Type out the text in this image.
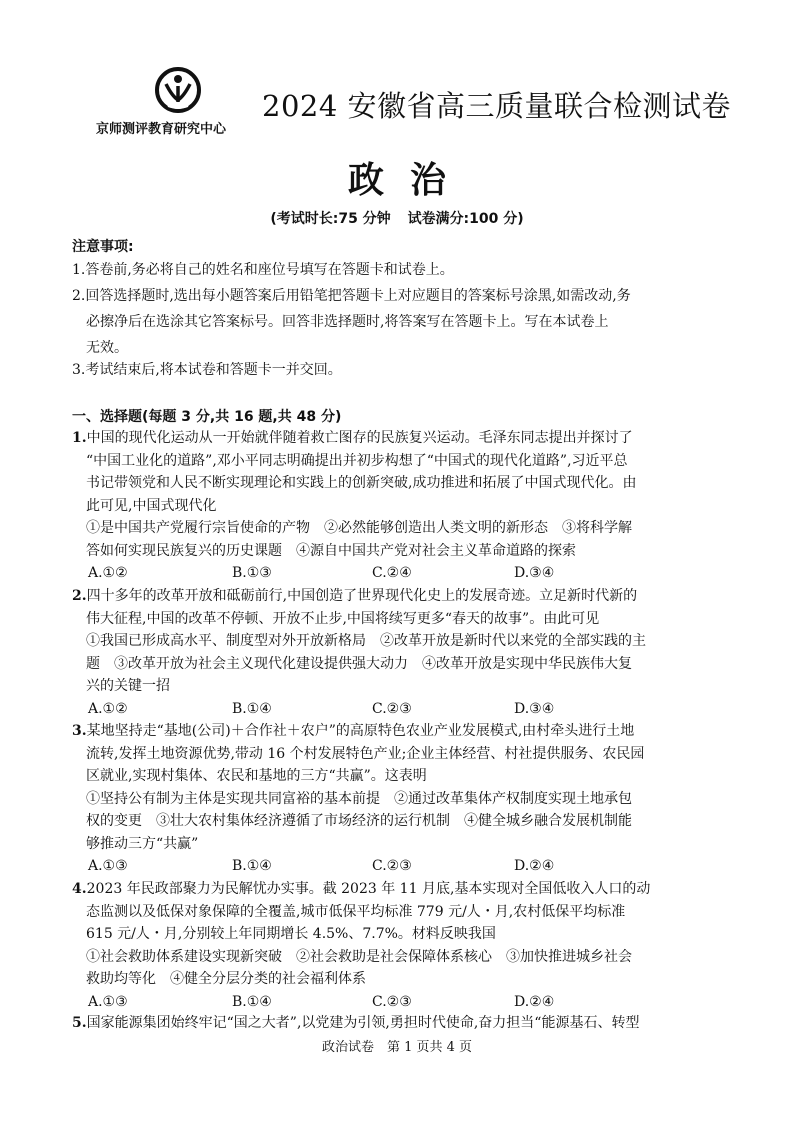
京师测评教育研究中心
2024 安徽省高三质量联合检测试卷
政治
(考试时长:75 分钟 试卷满分:100 分)
注意事项:
1.答卷前,务必将自己的姓名和座位号填写在答题卡和试卷上。
2.回答选择题时,选出每小题答案后用铅笔把答题卡上对应题目的答案标号涂黑,如需改动,务
必擦净后在选涂其它答案标号。回答非选择题时,将答案写在答题卡上。写在本试卷上
无效。
3.考试结束后,将本试卷和答题卡一并交回。
一、选择题(每题 3 分,共 16 题,共 48 分)
1.中国的现代化运动从一开始就伴随着救亡图存的民族复兴运动。毛泽东同志提出并探讨了
“中国工业化的道路”,邓小平同志明确提出并初步构想了“中国式的现代化道路”,习近平总
书记带领党和人民不断实现理论和实践上的创新突破,成功推进和拓展了中国式现代化。由
此可见,中国式现代化
①是中国共产党履行宗旨使命的产物　②必然能够创造出人类文明的新形态　③将科学解
答如何实现民族复兴的历史课题　④源自中国共产党对社会主义革命道路的探索
A.①②	B.①③	C.②④	D.③④
2.四十多年的改革开放和砥砺前行,中国创造了世界现代化史上的发展奇迹。立足新时代新的
伟大征程,中国的改革不停顿、开放不止步,中国将续写更多“春天的故事”。由此可见
①我国已形成高水平、制度型对外开放新格局　②改革开放是新时代以来党的全部实践的主
题　③改革开放为社会主义现代化建设提供强大动力　④改革开放是实现中华民族伟大复
兴的关键一招
A.①②	B.①④	C.②③	D.③④
3.某地坚持走“基地(公司)＋合作社＋农户”的高原特色农业产业发展模式,由村牵头进行土地
流转,发挥土地资源优势,带动 16 个村发展特色产业;企业主体经营、村社提供服务、农民园
区就业,实现村集体、农民和基地的三方“共赢”。这表明
①坚持公有制为主体是实现共同富裕的基本前提　②通过改革集体产权制度实现土地承包
权的变更　③壮大农村集体经济遵循了市场经济的运行机制　④健全城乡融合发展机制能
够推动三方“共赢”
A.①③	B.①④	C.②③	D.②④
4.2023 年民政部聚力为民解忧办实事。截 2023 年 11 月底,基本实现对全国低收入人口的动
态监测以及低保对象保障的全覆盖,城市低保平均标准 779 元/人・月,农村低保平均标准
615 元/人・月,分别较上年同期增长 4.5%、7.7%。材料反映我国
①社会救助体系建设实现新突破　②社会救助是社会保障体系核心　③加快推进城乡社会
救助均等化　④健全分层分类的社会福利体系
A.①③	B.①④	C.②③	D.②④
5.国家能源集团始终牢记“国之大者”,以党建为引领,勇担时代使命,奋力担当“能源基石、转型
政治试卷　第 1 页共 4 页
